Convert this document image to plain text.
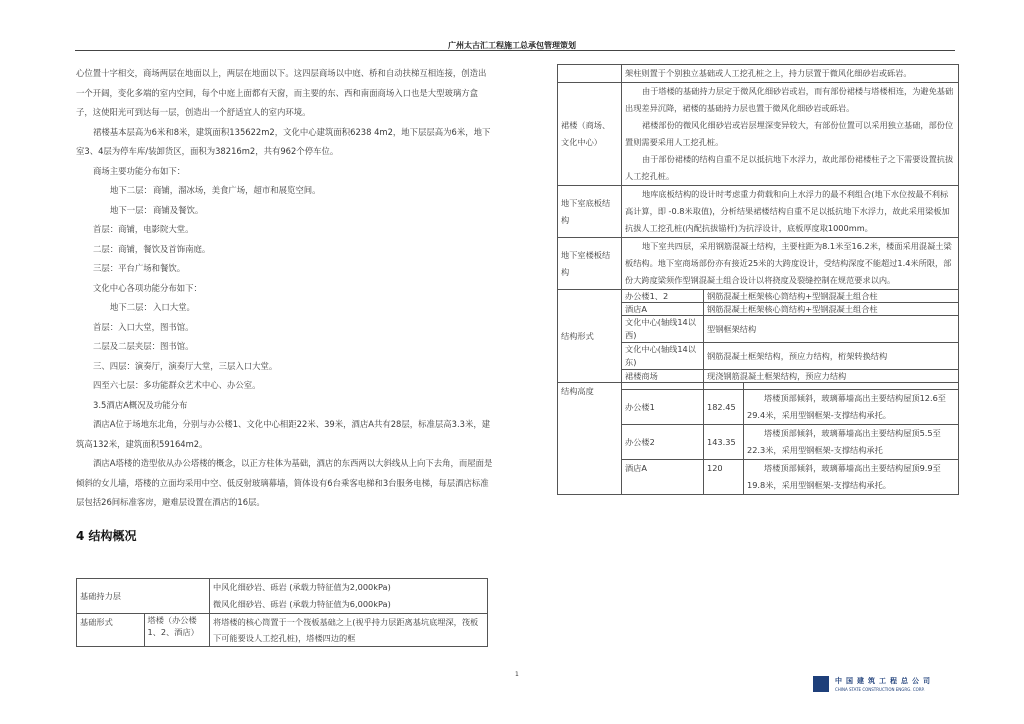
广州太古汇工程施工总承包管理策划

心位置十字相交，商场两层在地面以上，两层在地面以下。这四层商场以中庭、桥和自动扶梯互相连接，创造出一个开阔，变化多端的室内空间，每个中庭上面都有天窗，而主要的东、西和南面商场入口也是大型玻璃方盒子，这使阳光可到达每一层，创造出一个舒适宜人的室内环境。

裙楼基本层高为6米和8米，建筑面积135622m2，文化中心建筑面积6238 4m2，地下层层高为6米，地下室3、4层为停车库/装卸货区，面积为38216m2，共有962个停车位。

商场主要功能分布如下：

地下二层：商铺，溜冰场，美食广场，超市和展览空间。

地下一层：商铺及餐饮。

首层：商铺，电影院大堂。

二层：商铺，餐饮及首饰南庭。

三层：平台广场和餐饮。

文化中心各项功能分布如下：

地下二层：入口大堂。

首层：入口大堂，图书馆。

二层及二层夹层：图书馆。

三、四层：演奏厅，演奏厅大堂，三层入口大堂。

四至六七层：多功能群众艺术中心、办公室。

3.5酒店A概况及功能分布

酒店A位于场地东北角，分别与办公楼1、文化中心相距22米、39米，酒店A共有28层，标准层高3.3米，建筑高132米，建筑面积59164m2。

酒店A塔楼的造型依从办公塔楼的概念，以正方柱体为基础，酒店的东西两以大斜线从上向下去角，而屋面是倾斜的女儿墙，塔楼的立面均采用中空、低反射玻璃幕墙，简体设有6台乘客电梯和3台服务电梯，每层酒店标准层包括26间标准客房，避难层设置在酒店的16层。

4 结构概况
基础持力层		中风化细砂岩、砾岩 (承载力特征值为2,000kPa)
微风化细砂岩、砾岩 (承载力特征值为6,000kPa)

基础形式	塔楼（办公楼1、2、酒店）	将塔楼的核心筒置于一个筏板基础之上(视乎持力层距离基坑底埋深，筏板下可能要设人工挖孔桩)，塔楼四边的框
	架柱则置于个别独立基础或人工挖孔桩之上，持力层置于微风化细砂岩或砾岩。		
裙楼（商场、文化中心）	由于塔楼的基础持力层定于微风化细砂岩或岩，而有部份裙楼与塔楼相连，为避免基础出现差异沉降，裙楼的基础持力层也置于微风化细砂岩或砾岩。
裙楼部份的微风化细砂岩或岩层埋深变异较大，有部份位置可以采用独立基础，部份位置则需要采用人工挖孔桩。
由于部份裙楼的结构自重不足以抵抗地下水浮力，故此部份裙楼柱子之下需要设置抗拔人工挖孔桩。		

地下室底板结构	地库底板结构的设计时考虑重力荷载和向上水浮力的最不利组合(地下水位按最不利标高计算，即 -0.8米取值)，分析结果裙楼结构自重不足以抵抗地下水浮力，故此采用梁板加抗拔人工挖孔桩(内配抗拔锚杆)为抗浮设计，底板厚度取1000mm。		
地下室楼板结构	地下室共四层，采用钢筋混凝土结构，主要柱距为8.1米至16.2米，楼面采用混凝土梁板结构。地下室商场部份亦有接近25米的大跨度设计，受结构深度不能超过1.4米所限，部份大跨度梁须作型钢混凝土组合设计以将挠度及裂缝控制在规范要求以内。		
结构形式	办公楼1、2	钢筋混凝土框架核心筒结构+型钢混凝土组合柱	
	酒店A	钢筋混凝土框架核心筒结构+型钢混凝土组合柱	
	文化中心(轴线14以西)	型钢框架结构	
	文化中心(轴线14以东)	钢筋混凝土框架结构，预应力结构，桁架转换结构	
	裙楼商场	现浇钢筋混凝土框架结构，预应力结构	
结构高度			
	办公楼1	182.45	塔楼顶部倾斜，玻璃幕墙高出主要结构屋顶12.6至29.4米，采用型钢框架-支撑结构承托。
	办公楼2	143.35	塔楼顶部倾斜，玻璃幕墙高出主要结构屋顶5.5至22.3米，采用型钢框架-支撑结构承托
	酒店A	120	塔楼顶部倾斜，玻璃幕墙高出主要结构屋顶9.9至19.8米，采用型钢框架-支撑结构承托。
1
中国建筑工程总公司
CHINA STATE CONSTRUCTION ENGRG. CORP.
